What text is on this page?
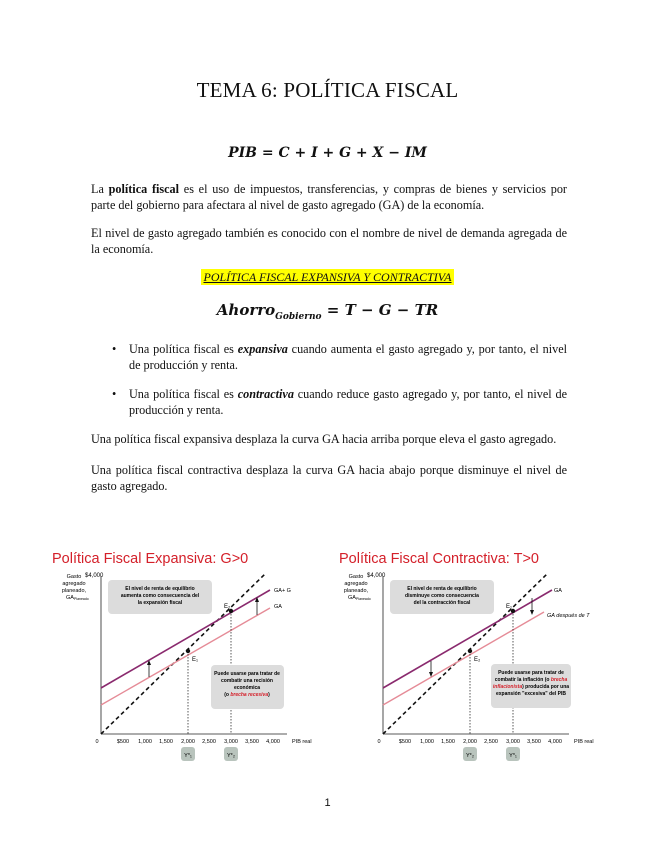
TEMA 6: POLÍTICA FISCAL
PIB = C + I + G + X − IM
La política fiscal es el uso de impuestos, transferencias, y compras de bienes y servicios por parte del gobierno para afectara al nivel de gasto agregado (GA) de la economía.
El nivel de gasto agregado también es conocido con el nombre de nivel de demanda agregada de la economía.
POLÍTICA FISCAL EXPANSIVA Y CONTRACTIVA
Ahorro$_{Gobierno}$ = T − G − TR
• Una política fiscal es expansiva cuando aumenta el gasto agregado y, por tanto, el nivel de producción y renta.
• Una política fiscal es contractiva cuando reduce gasto agregado y, por tanto, el nivel de producción y renta.
Una política fiscal expansiva desplaza la curva GA hacia arriba porque eleva el gasto agregado.
Una política fiscal contractiva desplaza la curva GA hacia abajo porque disminuye el nivel de gasto agregado.
Política Fiscal Expansiva: G>0	Política Fiscal Contractiva: T>0
Gasto
agregado
planeado,
GAPlaneado
$4,000
GA+ G
GA
E₁
E₂
0	$500 1,000 1,500 2,000 2,500 3,000 3,500 4,000 PIB real
Y*₁	Y*₂
El nivel de renta de equilibrio
aumenta como consecuencia del
la expansión fiscal
Puede usarse para tratar de
combatir una recisión
económica
(o brecha recesiva)
Gasto
agregado
planeado,
GAPlaneado
$4,000
GA
GA después de T
E₁
E₂
0	$500 1,000 1,500 2,000 2,500 3,000 3,500 4,000 PIB real
Y*₂	Y*₁
El nivel de renta de equilibrio
disminuye como consecuencia
del la contracción fiscal
Puede usarse para tratar de
combatir la inflación (o brecha
inflacionista) producida por una
expansión "excesiva" del PIB
1
